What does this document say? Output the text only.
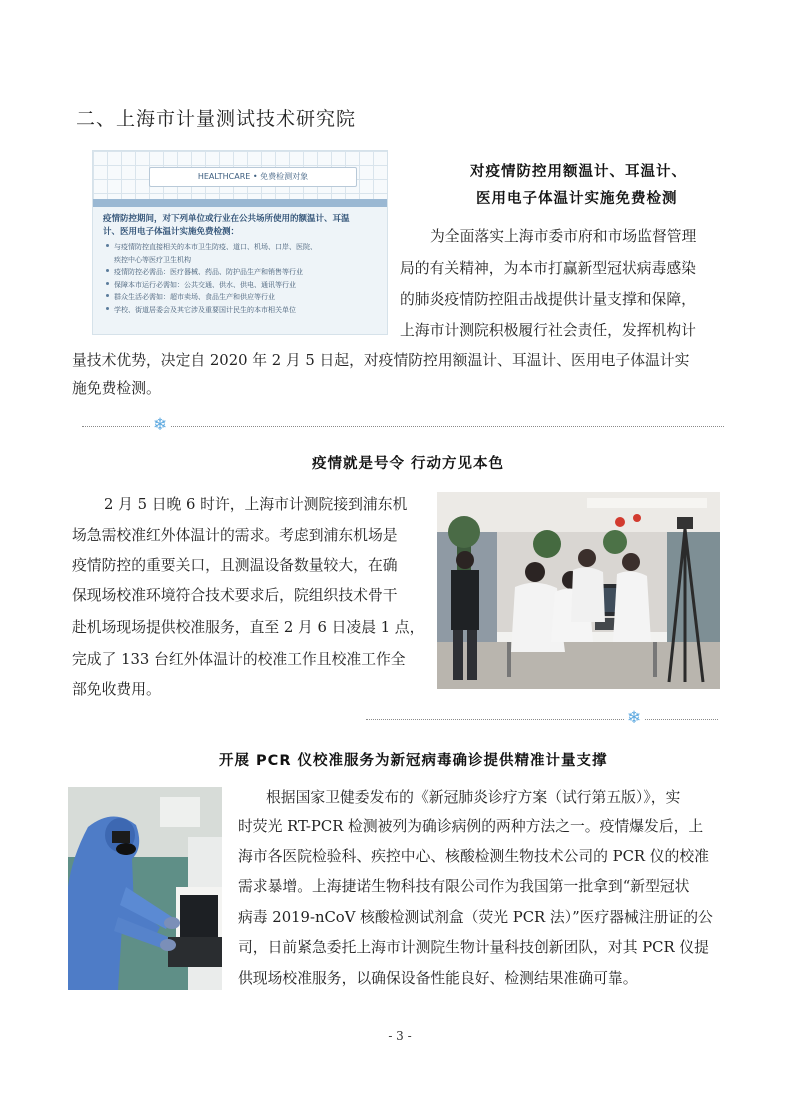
二、上海市计量测试技术研究院
HEALTHCARE • 免费检测对象
疫情防控期间，对下列单位或行业在公共场所使用的额温计、耳温
计、医用电子体温计实施免费检测：
与疫情防控直接相关的本市卫生防疫、道口、机场、口岸、医院、
疾控中心等医疗卫生机构
疫情防控必需品：医疗器械、药品、防护品生产和销售等行业
保障本市运行必需如：公共交通、供水、供电、通讯等行业
群众生活必需如：超市卖场、食品生产和供应等行业
学校、街道居委会及其它涉及重要国计民生的本市相关单位
对疫情防控用额温计、耳温计、
医用电子体温计实施免费检测
为全面落实上海市委市府和市场监督管理
局的有关精神，为本市打赢新型冠状病毒感染
的肺炎疫情防控阻击战提供计量支撑和保障，
上海市计测院积极履行社会责任，发挥机构计
量技术优势，决定自 2020 年 2 月 5 日起，对疫情防控用额温计、耳温计、医用电子体温计实
施免费检测。
❄
疫情就是号令 行动方见本色
2 月 5 日晚 6 时许，上海市计测院接到浦东机
场急需校准红外体温计的需求。考虑到浦东机场是
疫情防控的重要关口，且测温设备数量较大，在确
保现场校准环境符合技术要求后，院组织技术骨干
赴机场现场提供校准服务，直至 2 月 6 日凌晨 1 点，
完成了 133 台红外体温计的校准工作且校准工作全
部免收费用。
❄
开展 PCR 仪校准服务为新冠病毒确诊提供精准计量支撑
根据国家卫健委发布的《新冠肺炎诊疗方案（试行第五版）》，实
时荧光 RT-PCR 检测被列为确诊病例的两种方法之一。疫情爆发后，上
海市各医院检验科、疾控中心、核酸检测生物技术公司的 PCR 仪的校准
需求暴增。上海捷诺生物科技有限公司作为我国第一批拿到“新型冠状
病毒 2019-nCoV 核酸检测试剂盒（荧光 PCR 法）”医疗器械注册证的公
司，日前紧急委托上海市计测院生物计量科技创新团队，对其 PCR 仪提
供现场校准服务，以确保设备性能良好、检测结果准确可靠。
- 3 -
